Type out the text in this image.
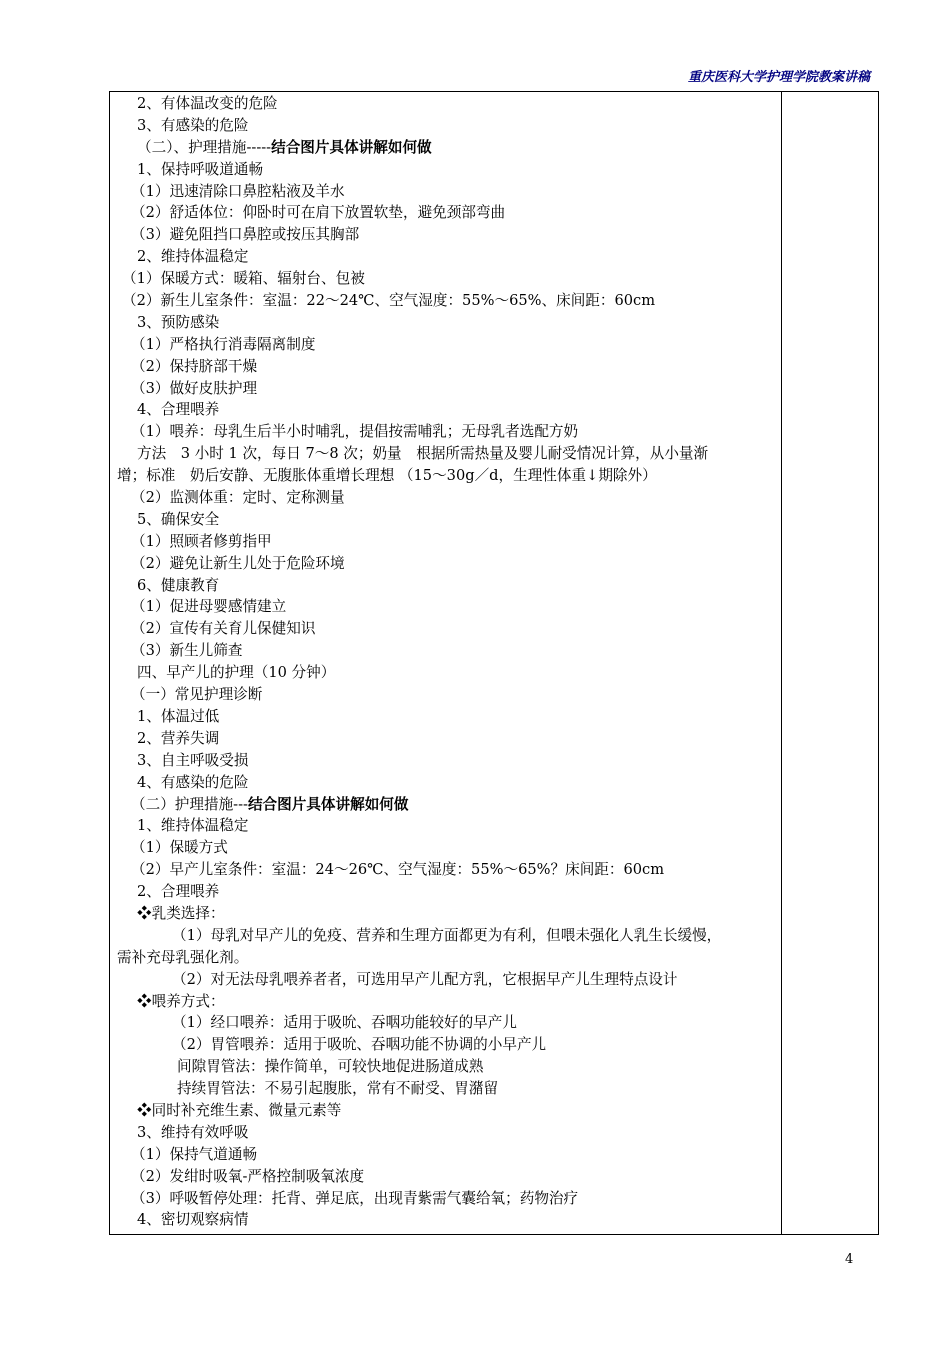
重庆医科大学护理学院教案讲稿
2、有体温改变的危险
3、有感染的危险
（二）、护理措施-----结合图片具体讲解如何做
1、保持呼吸道通畅
（1）迅速清除口鼻腔粘液及羊水
（2）舒适体位：仰卧时可在肩下放置软垫，避免颈部弯曲
（3）避免阻挡口鼻腔或按压其胸部
2、维持体温稳定
（1）保暖方式：暖箱、辐射台、包被
（2）新生儿室条件：室温：22～24℃、空气湿度：55%～65%、床间距：60cm
3、预防感染
（1）严格执行消毒隔离制度
（2）保持脐部干燥
（3）做好皮肤护理
4、合理喂养
（1）喂养：母乳生后半小时哺乳，提倡按需哺乳；无母乳者选配方奶
方法　3 小时 1 次，每日 7～8 次；奶量　根据所需热量及婴儿耐受情况计算，从小量渐
增；标准　奶后安静、无腹胀体重增长理想 （15～30g／d，生理性体重↓期除外）
（2）监测体重：定时、定称测量
5、确保安全
（1）照顾者修剪指甲
（2）避免让新生儿处于危险环境
6、健康教育
（1）促进母婴感情建立
（2）宣传有关育儿保健知识
（3）新生儿筛查
四、早产儿的护理（10 分钟）
（一）常见护理诊断
1、体温过低
2、营养失调
3、自主呼吸受损
4、有感染的危险
（二）护理措施---结合图片具体讲解如何做
1、维持体温稳定
（1）保暖方式
（2）早产儿室条件：室温：24～26℃、空气湿度：55%～65%？床间距：60cm
2、合理喂养
❖乳类选择：
（1）母乳对早产儿的免疫、营养和生理方面都更为有利，但喂未强化人乳生长缓慢，
需补充母乳强化剂。
（2）对无法母乳喂养者者，可选用早产儿配方乳，它根据早产儿生理特点设计
❖喂养方式：
（1）经口喂养：适用于吸吮、吞咽功能较好的早产儿
（2）胃管喂养：适用于吸吮、吞咽功能不协调的小早产儿
间隙胃管法：操作简单，可较快地促进肠道成熟
持续胃管法：不易引起腹胀，常有不耐受、胃潴留
❖同时补充维生素、微量元素等
3、维持有效呼吸
（1）保持气道通畅
（2）发绀时吸氧-严格控制吸氧浓度
（3）呼吸暂停处理：托背、弹足底，出现青紫需气囊给氧；药物治疗
4、密切观察病情
4
